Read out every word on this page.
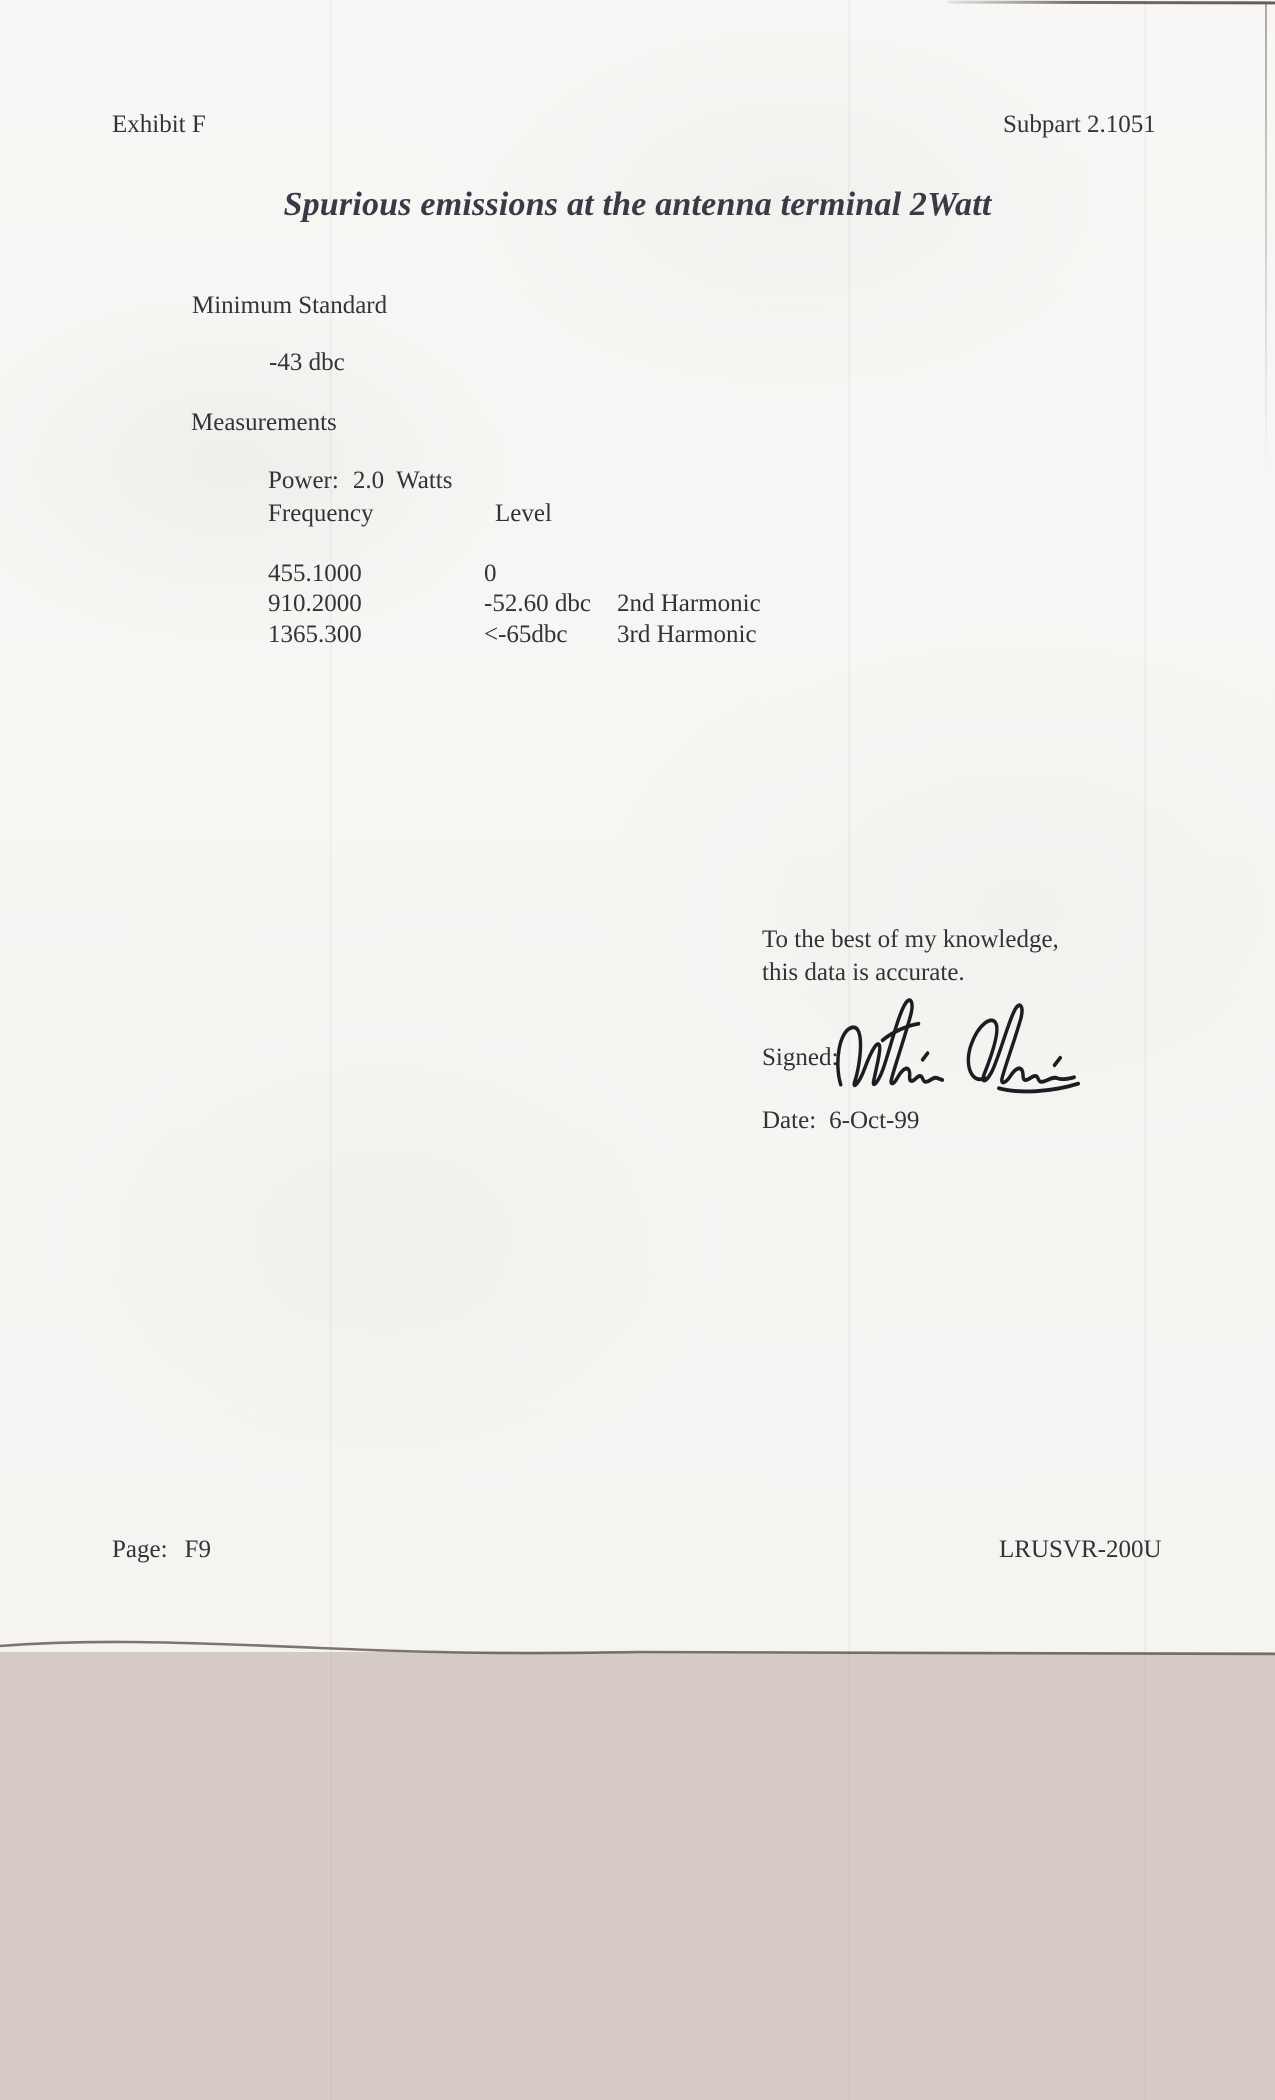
Exhibit F	Subpart 2.1051
Spurious emissions at the antenna terminal 2Watt
Minimum Standard
-43 dbc
Measurements
Power: 2.0  Watts
Frequency	Level
455.1000	0
910.2000	-52.60 dbc	2nd Harmonic
1365.300	<-65dbc	3rd Harmonic
To the best of my knowledge,
this data is accurate.
Signed:
Date: 6-Oct-99
Page: F9	LRUSVR-200U
